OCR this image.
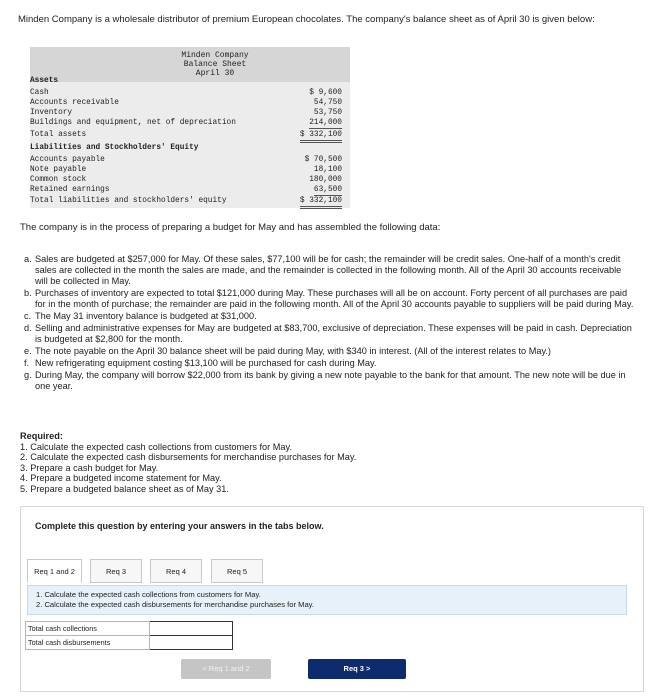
Minden Company is a wholesale distributor of premium European chocolates. The company's balance sheet as of April 30 is given below:
Minden Company
Balance Sheet
April 30
Assets
Cash	$ 9,600
Accounts receivable	54,750
Inventory	53,750
Buildings and equipment, net of depreciation	214,000
Total assets	$ 332,100
Liabilities and Stockholders' Equity
Accounts payable	$ 70,500
Note payable	18,100
Common stock	180,000
Retained earnings	63,500
Total liabilities and stockholders' equity	$ 332,100
The company is in the process of preparing a budget for May and has assembled the following data:
a. Sales are budgeted at $257,000 for May. Of these sales, $77,100 will be for cash; the remainder will be credit sales. One-half of a month's credit sales are collected in the month the sales are made, and the remainder is collected in the following month. All of the April 30 accounts receivable will be collected in May.
b. Purchases of inventory are expected to total $121,000 during May. These purchases will all be on account. Forty percent of all purchases are paid for in the month of purchase; the remainder are paid in the following month. All of the April 30 accounts payable to suppliers will be paid during May.
c. The May 31 inventory balance is budgeted at $31,000.
d. Selling and administrative expenses for May are budgeted at $83,700, exclusive of depreciation. These expenses will be paid in cash. Depreciation is budgeted at $2,800 for the month.
e. The note payable on the April 30 balance sheet will be paid during May, with $340 in interest. (All of the interest relates to May.)
f. New refrigerating equipment costing $13,100 will be purchased for cash during May.
g. During May, the company will borrow $22,000 from its bank by giving a new note payable to the bank for that amount. The new note will be due in one year.
Required:
1. Calculate the expected cash collections from customers for May.
2. Calculate the expected cash disbursements for merchandise purchases for May.
3. Prepare a cash budget for May.
4. Prepare a budgeted income statement for May.
5. Prepare a budgeted balance sheet as of May 31.
Complete this question by entering your answers in the tabs below.
Req 1 and 2	Req 3	Req 4	Req 5
1. Calculate the expected cash collections from customers for May.
2. Calculate the expected cash disbursements for merchandise purchases for May.
Total cash collections	
Total cash disbursements	
< Req 1 and 2	Req 3 >
